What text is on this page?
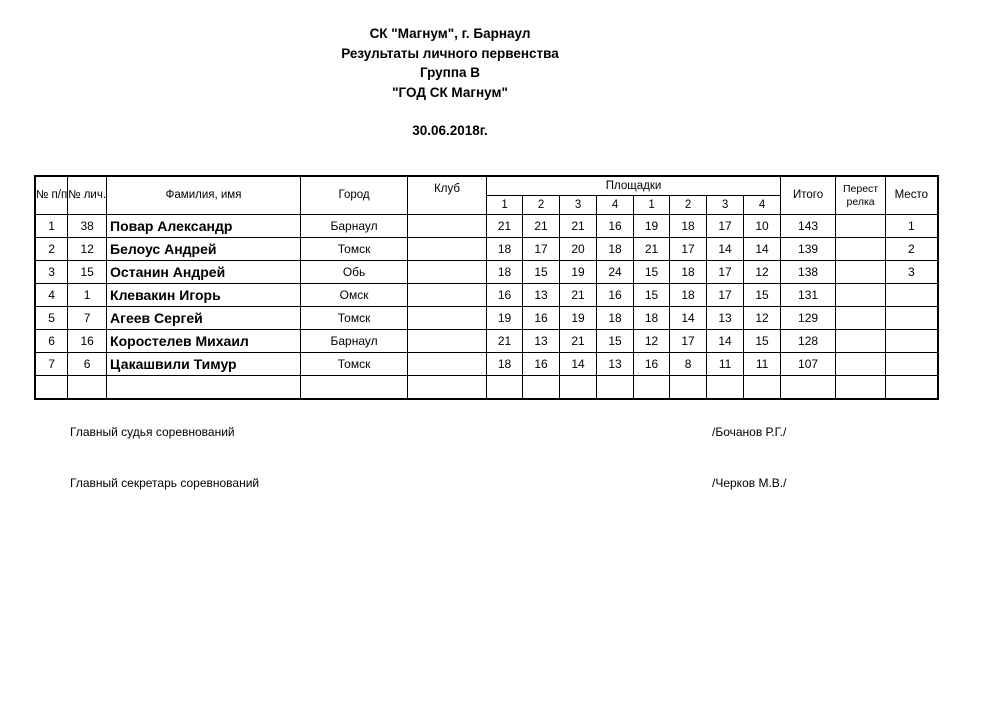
СК "Магнум", г. Барнаул
Результаты личного первенства
Группа В
"ГОД СК Магнум"
30.06.2018г.
№ п/п	№ лич.	Фамилия, имя	Город	Клуб	Площадки								Итого	Перест релка	Место
					1	2	3	4	1	2	3	4			
1	38	Повар Александр	Барнаул		21	21	21	16	19	18	17	10	143		1
2	12	Белоус Андрей	Томск		18	17	20	18	21	17	14	14	139		2
3	15	Останин Андрей	Обь		18	15	19	24	15	18	17	12	138		3
4	1	Клевакин Игорь	Омск		16	13	21	16	15	18	17	15	131		
5	7	Агеев Сергей	Томск		19	16	19	18	18	14	13	12	129		
6	16	Коростелев Михаил	Барнаул		21	13	21	15	12	17	14	15	128		
7	6	Цакашвили Тимур	Томск		18	16	14	13	16	8	11	11	107		

Главный судья соревнований	/Бочанов Р.Г./
Главный секретарь соревнований	/Черков М.В./
